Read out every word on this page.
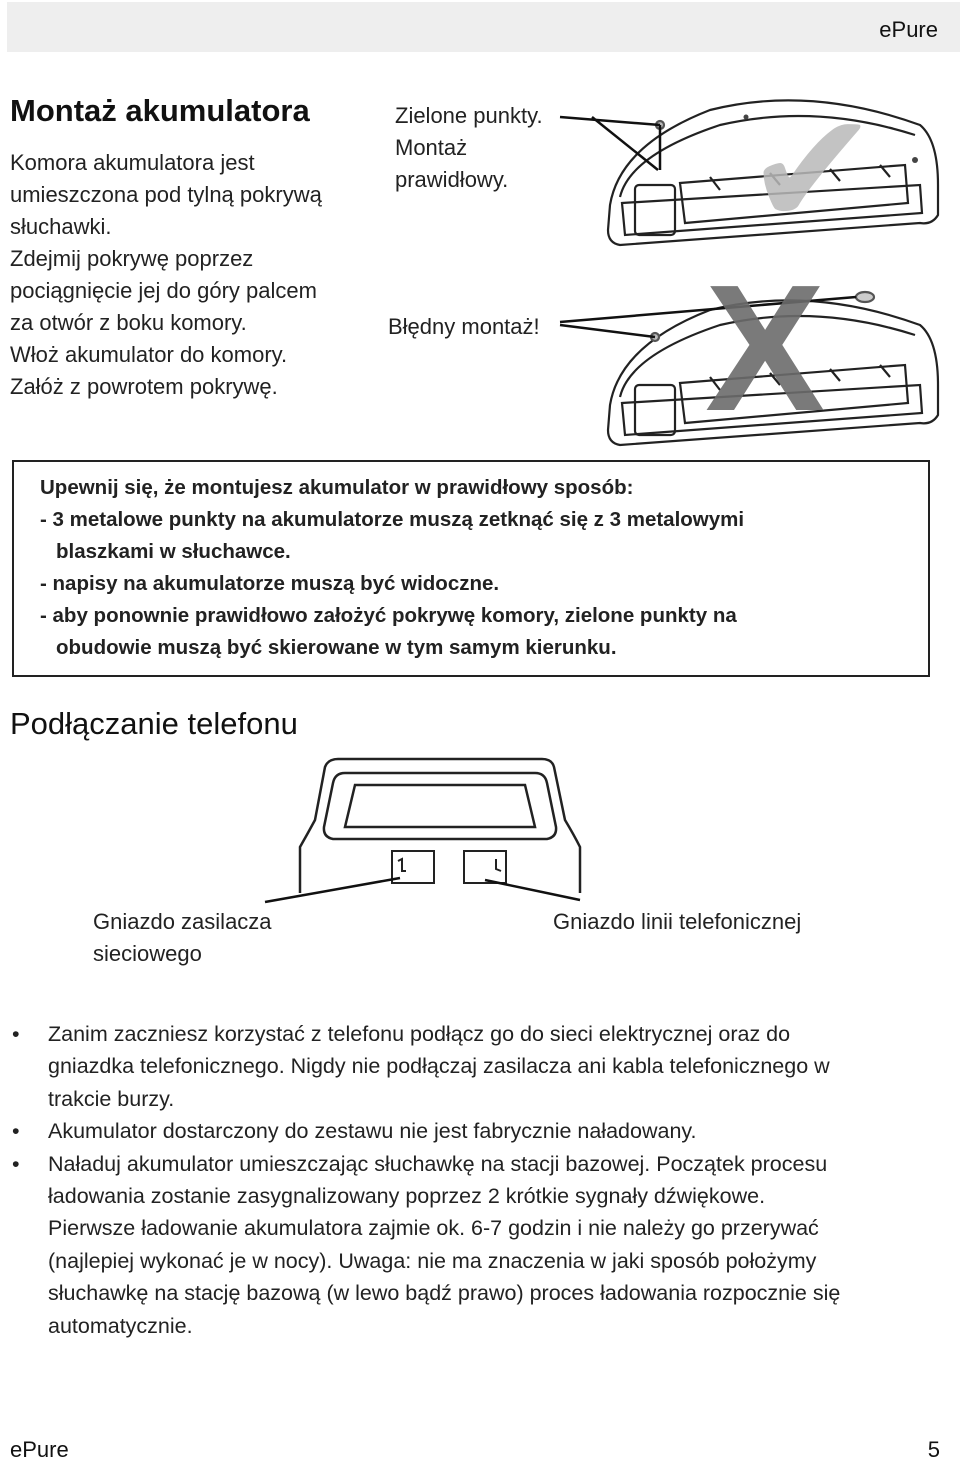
ePure
Montaż akumulatora
Komora akumulatora jest
umieszczona pod tylną pokrywą
słuchawki.
Zdejmij pokrywę poprzez
pociągnięcie jej do góry palcem
za otwór z boku komory.
Włoż akumulator do komory.
Załóż z powrotem pokrywę.
Zielone punkty.
Montaż
prawidłowy.
Błędny montaż!
✔
X
Upewnij się, że montujesz akumulator w prawidłowy sposób:
- 3 metalowe punkty na akumulatorze muszą zetknąć się z 3 metalowymi
blaszkami w słuchawce.
- napisy na akumulatorze muszą być widoczne.
- aby ponownie prawidłowo założyć pokrywę komory, zielone punkty na
obudowie muszą być skierowane w tym samym kierunku.
Podłączanie telefonu
Gniazdo zasilacza
sieciowego
Gniazdo linii telefonicznej
• Zanim zaczniesz korzystać z telefonu podłącz go do sieci elektrycznej oraz do
gniazdka telefonicznego. Nigdy nie podłączaj zasilacza ani kabla telefonicznego w
trakcie burzy.
• Akumulator dostarczony do zestawu nie jest fabrycznie naładowany.
• Naładuj akumulator umieszczając słuchawkę na stacji bazowej. Początek procesu
ładowania zostanie zasygnalizowany poprzez 2 krótkie sygnały dźwiękowe.
Pierwsze ładowanie akumulatora zajmie ok. 6-7 godzin i nie należy go przerywać
(najlepiej wykonać je w nocy). Uwaga: nie ma znaczenia w jaki sposób położymy
słuchawkę na stację bazową (w lewo bądź prawo) proces ładowania rozpocznie się
automatycznie.
ePure	5
